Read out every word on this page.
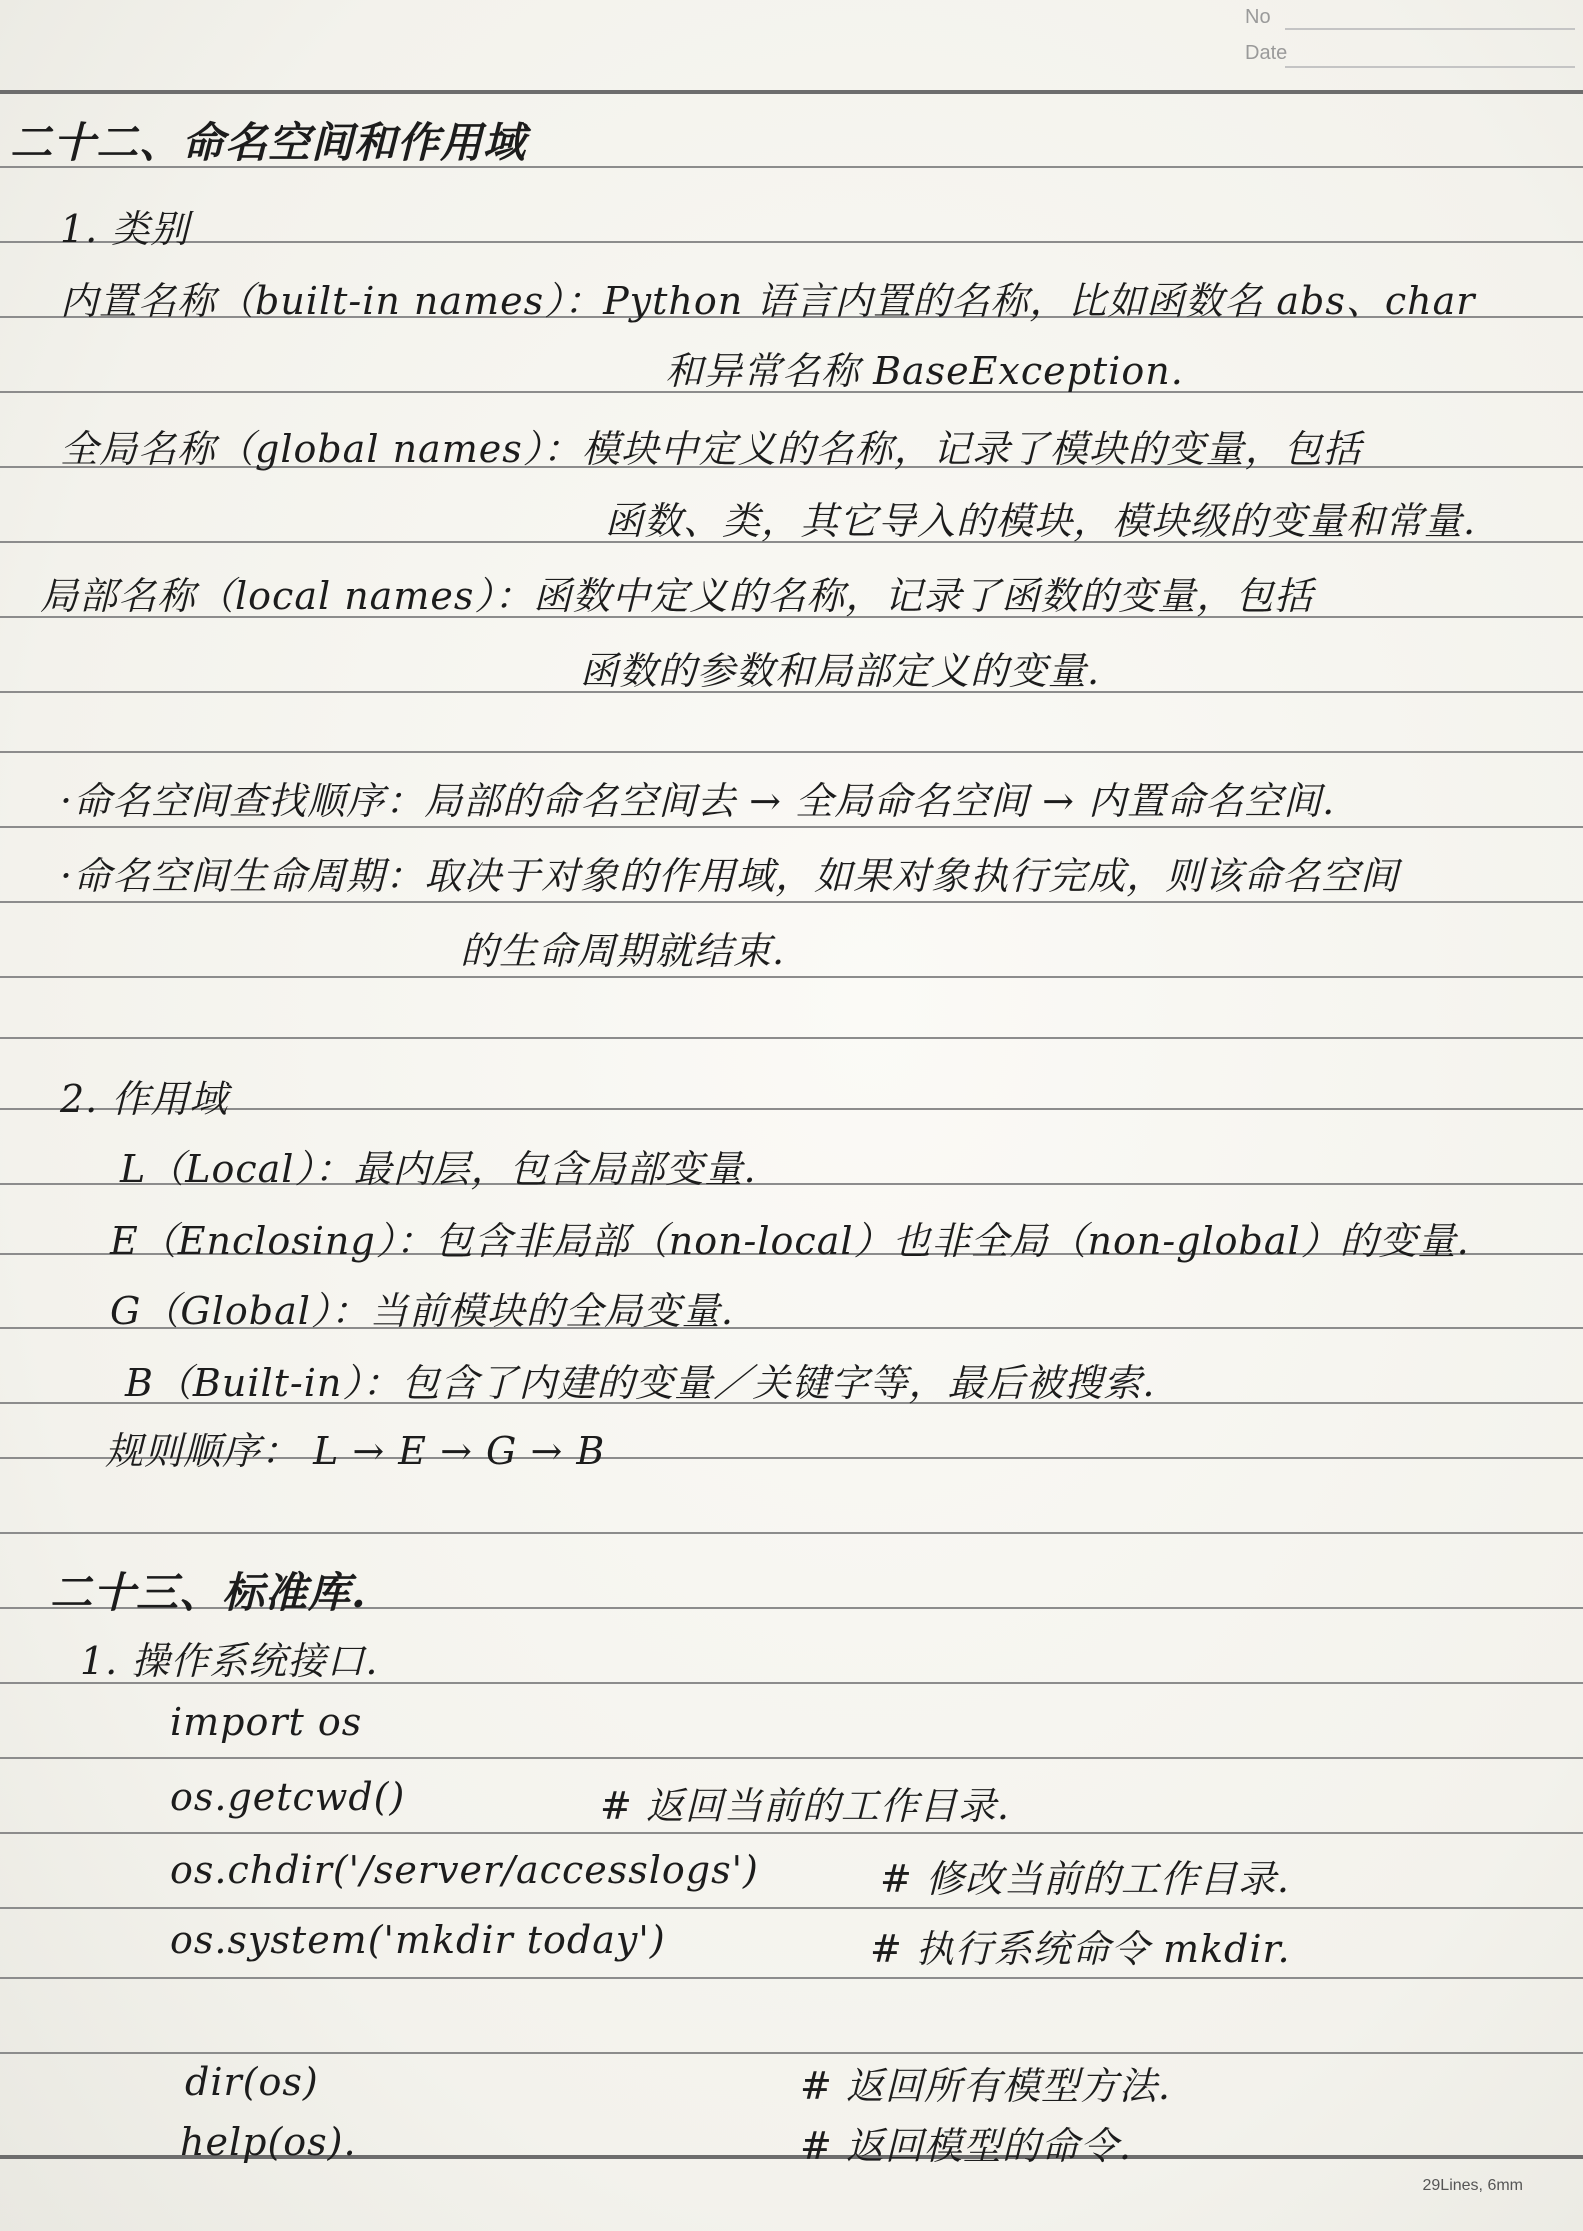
No
Date
二十二、命名空间和作用域
1. 类别
内置名称（built-in names）：Python 语言内置的名称，比如函数名 abs、char
和异常名称 BaseException.
全局名称（global names）：模块中定义的名称，记录了模块的变量，包括
函数、类，其它导入的模块，模块级的变量和常量.
局部名称（local names）：函数中定义的名称，记录了函数的变量，包括
函数的参数和局部定义的变量.
·命名空间查找顺序：局部的命名空间去 → 全局命名空间 → 内置命名空间.
·命名空间生命周期：取决于对象的作用域，如果对象执行完成，则该命名空间
的生命周期就结束.
2. 作用域
L（Local）：最内层，包含局部变量.
E（Enclosing）：包含非局部（non-local）也非全局（non-global）的变量.
G（Global）：当前模块的全局变量.
B（Built-in）：包含了内建的变量／关键字等，最后被搜索.
规则顺序： L → E → G → B
二十三、标准库.
1. 操作系统接口.
import os
os.getcwd()	# 返回当前的工作目录.
os.chdir('/server/accesslogs')	# 修改当前的工作目录.
os.system('mkdir today')	# 执行系统命令 mkdir.
dir(os)	# 返回所有模型方法.
help(os).	# 返回模型的命令.
29Lines, 6mm
